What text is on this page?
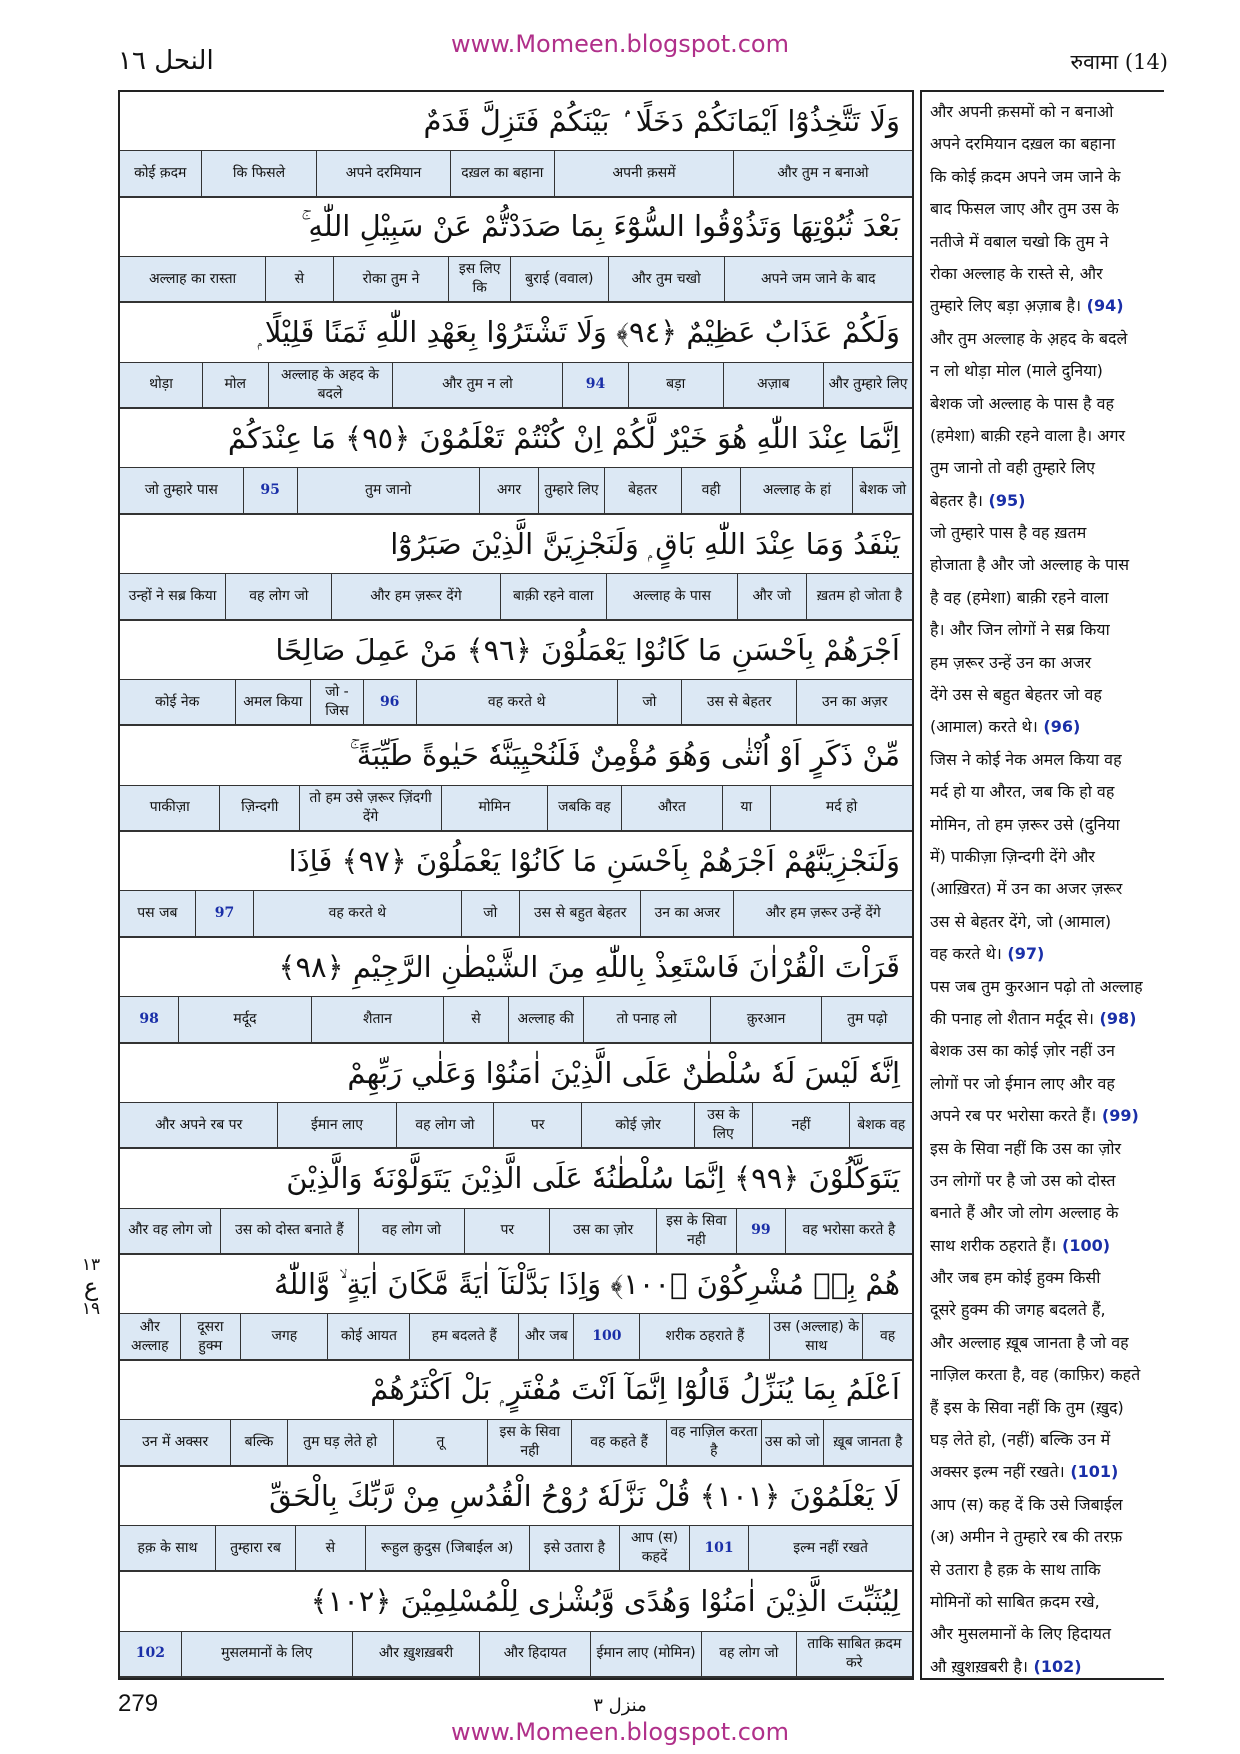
www.Momeen.blogspot.com
النحل ١٦	रुवामा (14)
١٣
ع
١٩
وَلَا تَتَّخِذُوْٓا اَيْمَانَكُمْ دَخَلًا ۢ بَيْنَكُمْ فَتَزِلَّ قَدَمٌ
और तुम न बनाओ
अपनी क़समें
दख़ल का बहाना
अपने दरमियान
कि फिसले
कोई क़दम
بَعْدَ ثُبُوْتِهَا وَتَذُوْقُوا السُّوْٓءَ بِمَا صَدَدْتُّمْ عَنْ سَبِيْلِ اللّٰهِ ۚ
अपने जम जाने के बाद
और तुम चखो
बुराई (ववाल)
इस लिए कि
रोका तुम ने
से
अल्लाह का रास्ता
وَلَكُمْ عَذَابٌ عَظِيْمٌ ﴿٩٤﴾ وَلَا تَشْتَرُوْا بِعَهْدِ اللّٰهِ ثَمَنًا قَلِيْلًا ۭ
और तुम्हारे लिए
अज़ाब
बड़ा
94
और तुम न लो
अल्लाह के अहद के बदले
मोल
थोड़ा
اِنَّمَا عِنْدَ اللّٰهِ هُوَ خَيْرٌ لَّكُمْ اِنْ كُنْتُمْ تَعْلَمُوْنَ ﴿٩٥﴾ مَا عِنْدَكُمْ
बेशक जो
अल्लाह के हां
वही
बेहतर
तुम्हारे लिए
अगर
तुम जानो
95
जो तुम्हारे पास
يَنْفَدُ وَمَا عِنْدَ اللّٰهِ بَاقٍ ۭ وَلَنَجْزِيَنَّ الَّذِيْنَ صَبَرُوْٓا
ख़तम हो जोता है
और जो
अल्लाह के पास
बाक़ी रहने वाला
और हम ज़रूर देंगे
वह लोग जो
उन्हों ने सब्र किया
اَجْرَهُمْ بِاَحْسَنِ مَا كَانُوْا يَعْمَلُوْنَ ﴿٩٦﴾ مَنْ عَمِلَ صَالِحًا
उन का अज़र
उस से बेहतर
जो
वह करते थे
96
जो - जिस
अमल किया
कोई नेक
مِّنْ ذَكَرٍ اَوْ اُنْثٰى وَهُوَ مُؤْمِنٌ فَلَنُحْيِيَنَّهٗ حَيٰوةً طَيِّبَةً ۚ
मर्द हो
या
औरत
जबकि वह
मोमिन
तो हम उसे ज़रूर ज़िंदगी देंगे
ज़िन्दगी
पाकीज़ा
وَلَنَجْزِيَنَّهُمْ اَجْرَهُمْ بِاَحْسَنِ مَا كَانُوْا يَعْمَلُوْنَ ﴿٩٧﴾ فَاِذَا
और हम ज़रूर उन्हें देंगे
उन का अजर
उस से बहुत बेहतर
जो
वह करते थे
97
पस जब
قَرَاْتَ الْقُرْاٰنَ فَاسْتَعِذْ بِاللّٰهِ مِنَ الشَّيْطٰنِ الرَّجِيْمِ ﴿٩٨﴾
तुम पढ़ो
क़ुरआन
तो पनाह लो
अल्लाह की
से
शैतान
मर्दूद
98
اِنَّهٗ لَيْسَ لَهٗ سُلْطٰنٌ عَلَى الَّذِيْنَ اٰمَنُوْا وَعَلٰي رَبِّهِمْ
बेशक वह
नहीं
उस के लिए
कोई ज़ोर
पर
वह लोग जो
ईमान लाए
और अपने रब पर
يَتَوَكَّلُوْنَ ﴿٩٩﴾ اِنَّمَا سُلْطٰنُهٗ عَلَى الَّذِيْنَ يَتَوَلَّوْنَهٗ وَالَّذِيْنَ
वह भरोसा करते है
99
इस के सिवा नही
उस का ज़ोर
पर
वह लोग जो
उस को दोस्त बनाते हैं
और वह लोग जो
هُمْ بِهٖ مُشْرِكُوْنَ ﴿١٠٠﴾ وَاِذَا بَدَّلْنَآ اٰيَةً مَّكَانَ اٰيَةٍ ۙ وَّاللّٰهُ
वह
उस (अल्लाह) के साथ
शरीक ठहराते हैं
100
और जब
हम बदलते हैं
कोई आयत
जगह
दूसरा हुक्म
और अल्लाह
اَعْلَمُ بِمَا يُنَزِّلُ قَالُوْٓا اِنَّمَآ اَنْتَ مُفْتَرٍ ۭ بَلْ اَكْثَرُهُمْ
ख़ूब जानता है
उस को जो
वह नाज़िल करता है
वह कहते हैं
इस के सिवा नही
तू
तुम घड़ लेते हो
बल्कि
उन में अक्सर
لَا يَعْلَمُوْنَ ﴿١٠١﴾ قُلْ نَزَّلَهٗ رُوْحُ الْقُدُسِ مِنْ رَّبِّكَ بِالْحَقِّ
इल्म नहीं रखते
101
आप (स) कहदें
इसे उतारा है
रूहुल क़ुदुस (जिबाईल अ)
से
तुम्हारा रब
हक़ के साथ
لِيُثَبِّتَ الَّذِيْنَ اٰمَنُوْا وَهُدًى وَّبُشْرٰى لِلْمُسْلِمِيْنَ ﴿١٠٢﴾
ताकि साबित क़दम करे
वह लोग जो
ईमान लाए (मोमिन)
और हिदायत
और ख़ुशख़बरी
मुसलमानों के लिए
102
और अपनी क़समों को न बनाओ
अपने दरमियान दख़ल का बहाना
कि कोई क़दम अपने जम जाने के
बाद फिसल जाए और तुम उस के
नतीजे में वबाल चखो कि तुम ने
रोका अल्लाह के रास्ते से, और
तुम्हारे लिए बड़ा अ़ज़ाब है। (94)
और तुम अल्लाह के अ़हद के बदले
न लो थोड़ा मोल (माले दुनिया)
बेशक जो अल्लाह के पास है वह
(हमेशा) बाक़ी रहने वाला है। अगर
तुम जानो तो वही तुम्हारे लिए
बेहतर है। (95)
जो तुम्हारे पास है वह ख़तम
होजाता है और जो अल्लाह के पास
है वह (हमेशा) बाक़ी रहने वाला
है। और जिन लोगों ने सब्र किया
हम ज़रूर उन्हें उन का अजर
देंगे उस से बहुत बेहतर जो वह
(आमाल) करते थे। (96)
जिस ने कोई नेक अमल किया वह
मर्द हो या औरत, जब कि हो वह
मोमिन, तो हम ज़रूर उसे (दुनिया
में) पाकीज़ा ज़िन्दगी देंगे और
(आख़िरत) में उन का अजर ज़रूर
उस से बेहतर देंगे, जो (आमाल)
वह करते थे। (97)
पस जब तुम कुरआन पढ़ो तो अल्लाह
की पनाह लो शैतान मर्दूद से। (98)
बेशक उस का कोई ज़ोर नहीं उन
लोगों पर जो ईमान लाए और वह
अपने रब पर भरोसा करते हैं। (99)
इस के सिवा नहीं कि उस का ज़ोर
उन लोगों पर है जो उस को दोस्त
बनाते हैं और जो लोग अल्लाह के
साथ शरीक ठहराते हैं। (100)
और जब हम कोई हुक्म किसी
दूसरे हुक्म की जगह बदलते हैं,
और अल्लाह ख़ूब जानता है जो वह
नाज़िल करता है, वह (काफ़िर) कहते
हैं इस के सिवा नहीं कि तुम (ख़ुद)
घड़ लेते हो, (नहीं) बल्कि उन में
अक्सर इल्म नहीं रखते। (101)
आप (स) कह दें कि उसे जिबाईल
(अ) अमीन ने तुम्हारे रब की तरफ़
से उतारा है हक़ के साथ ताकि
मोमिनों को साबित क़दम रखे,
और मुसलमानों के लिए हिदायत
औ ख़ुशख़बरी है। (102)
279	منزل ٣
www.Momeen.blogspot.com
